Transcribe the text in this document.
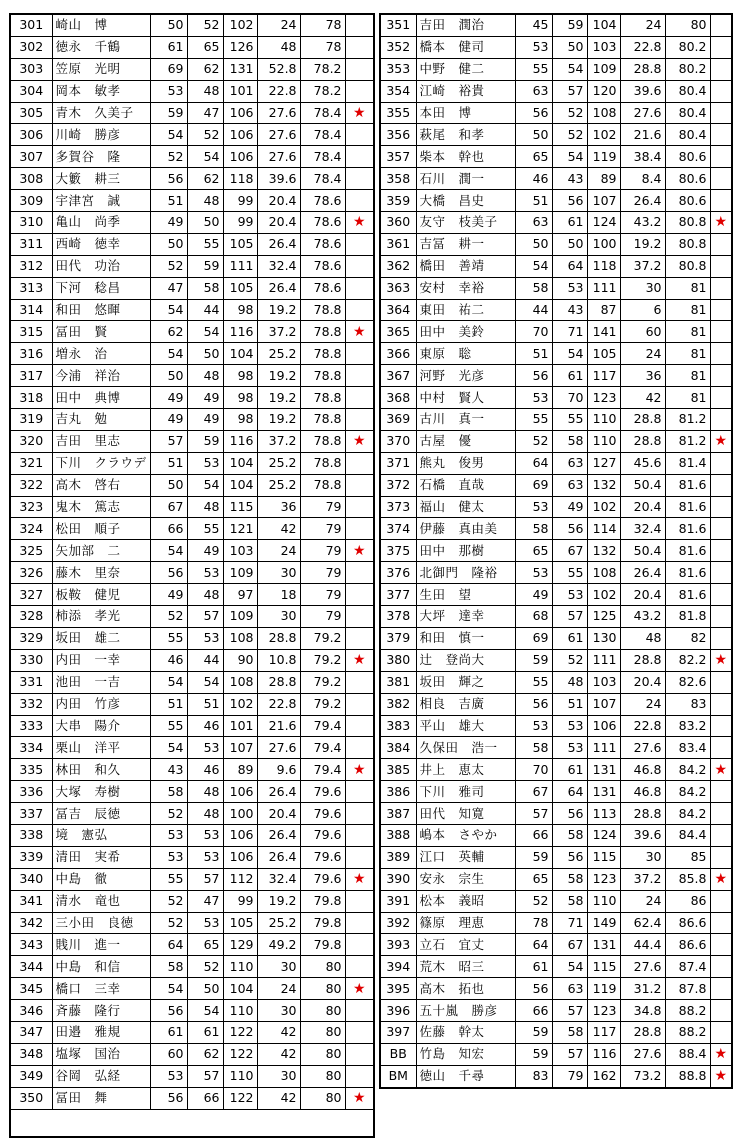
301	崎山　博	50	52	102	24	78	
302	徳永　千鶴	61	65	126	48	78	
303	笠原　光明	69	62	131	52.8	78.2	
304	岡本　敏孝	53	48	101	22.8	78.2	
305	青木　久美子	59	47	106	27.6	78.4	★
306	川崎　勝彦	54	52	106	27.6	78.4	
307	多賀谷　隆	52	54	106	27.6	78.4	
308	大籔　耕三	56	62	118	39.6	78.4	
309	宇津宮　誠	51	48	99	20.4	78.6	
310	亀山　尚季	49	50	99	20.4	78.6	★
311	西崎　徳幸	50	55	105	26.4	78.6	
312	田代　功治	52	59	111	32.4	78.6	
313	下河　稔昌	47	58	105	26.4	78.6	
314	和田　悠暉	54	44	98	19.2	78.8	
315	冨田　賢	62	54	116	37.2	78.8	★
316	増永　治	54	50	104	25.2	78.8	
317	今浦　祥治	50	48	98	19.2	78.8	
318	田中　典博	49	49	98	19.2	78.8	
319	吉丸　勉	49	49	98	19.2	78.8	
320	吉田　里志	57	59	116	37.2	78.8	★
321	下川　クラウデ	51	53	104	25.2	78.8	
322	高木　啓右	50	54	104	25.2	78.8	
323	鬼木　篤志	67	48	115	36	79	
324	松田　順子	66	55	121	42	79	
325	矢加部　二	54	49	103	24	79	★
326	藤木　里奈	56	53	109	30	79	
327	板鞍　健児	49	48	97	18	79	
328	柿添　孝光	52	57	109	30	79	
329	坂田　雄二	55	53	108	28.8	79.2	
330	内田　一幸	46	44	90	10.8	79.2	★
331	池田　一吉	54	54	108	28.8	79.2	
332	内田　竹彦	51	51	102	22.8	79.2	
333	大串　陽介	55	46	101	21.6	79.4	
334	栗山　洋平	54	53	107	27.6	79.4	
335	林田　和久	43	46	89	9.6	79.4	★
336	大塚　寿樹	58	48	106	26.4	79.6	
337	冨吉　辰徳	52	48	100	20.4	79.6	
338	境　憲弘	53	53	106	26.4	79.6	
339	清田　実希	53	53	106	26.4	79.6	
340	中島　徹	55	57	112	32.4	79.6	★
341	清水　竜也	52	47	99	19.2	79.8	
342	三小田　良徳	52	53	105	25.2	79.8	
343	賎川　進一	64	65	129	49.2	79.8	
344	中島　和信	58	52	110	30	80	
345	橋口　三幸	54	50	104	24	80	★
346	斉藤　隆行	56	54	110	30	80	
347	田邉　雅規	61	61	122	42	80	
348	塩塚　国治	60	62	122	42	80	
349	谷岡　弘経	53	57	110	30	80	
350	冨田　舞	56	66	122	42	80	★

351	吉田　潤治	45	59	104	24	80	
352	橋本　健司	53	50	103	22.8	80.2	
353	中野　健二	55	54	109	28.8	80.2	
354	江崎　裕貴	63	57	120	39.6	80.4	
355	本田　博	56	52	108	27.6	80.4	
356	萩尾　和孝	50	52	102	21.6	80.4	
357	柴本　幹也	65	54	119	38.4	80.6	
358	石川　潤一	46	43	89	8.4	80.6	
359	大橋　昌史	51	56	107	26.4	80.6	
360	友守　枝美子	63	61	124	43.2	80.8	★
361	吉冨　耕一	50	50	100	19.2	80.8	
362	橋田　善靖	54	64	118	37.2	80.8	
363	安村　幸裕	58	53	111	30	81	
364	東田　祐二	44	43	87	6	81	
365	田中　美鈴	70	71	141	60	81	
366	東原　聡	51	54	105	24	81	
367	河野　光彦	56	61	117	36	81	
368	中村　賢人	53	70	123	42	81	
369	古川　真一	55	55	110	28.8	81.2	
370	古屋　優	52	58	110	28.8	81.2	★
371	熊丸　俊男	64	63	127	45.6	81.4	
372	石橋　直哉	69	63	132	50.4	81.6	
373	福山　健太	53	49	102	20.4	81.6	
374	伊藤　真由美	58	56	114	32.4	81.6	
375	田中　那樹	65	67	132	50.4	81.6	
376	北御門　隆裕	53	55	108	26.4	81.6	
377	生田　望	49	53	102	20.4	81.6	
378	大坪　達幸	68	57	125	43.2	81.8	
379	和田　慎一	69	61	130	48	82	
380	辻　登尚大	59	52	111	28.8	82.2	★
381	坂田　輝之	55	48	103	20.4	82.6	
382	相良　吉廣	56	51	107	24	83	
383	平山　雄大	53	53	106	22.8	83.2	
384	久保田　浩一	58	53	111	27.6	83.4	
385	井上　恵太	70	61	131	46.8	84.2	★
386	下川　雅司	67	64	131	46.8	84.2	
387	田代　知寛	57	56	113	28.8	84.2	
388	嶋本　さやか	66	58	124	39.6	84.4	
389	江口　英輔	59	56	115	30	85	
390	安永　宗生	65	58	123	37.2	85.8	★
391	松本　義昭	52	58	110	24	86	
392	篠原　理恵	78	71	149	62.4	86.6	
393	立石　宜丈	64	67	131	44.4	86.6	
394	荒木　昭三	61	54	115	27.6	87.4	
395	高木　拓也	56	63	119	31.2	87.8	
396	五十嵐　勝彦	66	57	123	34.8	88.2	
397	佐藤　幹太	59	58	117	28.8	88.2	
BB	竹島　知宏	59	57	116	27.6	88.4	★
BM	徳山　千尋	83	79	162	73.2	88.8	★
